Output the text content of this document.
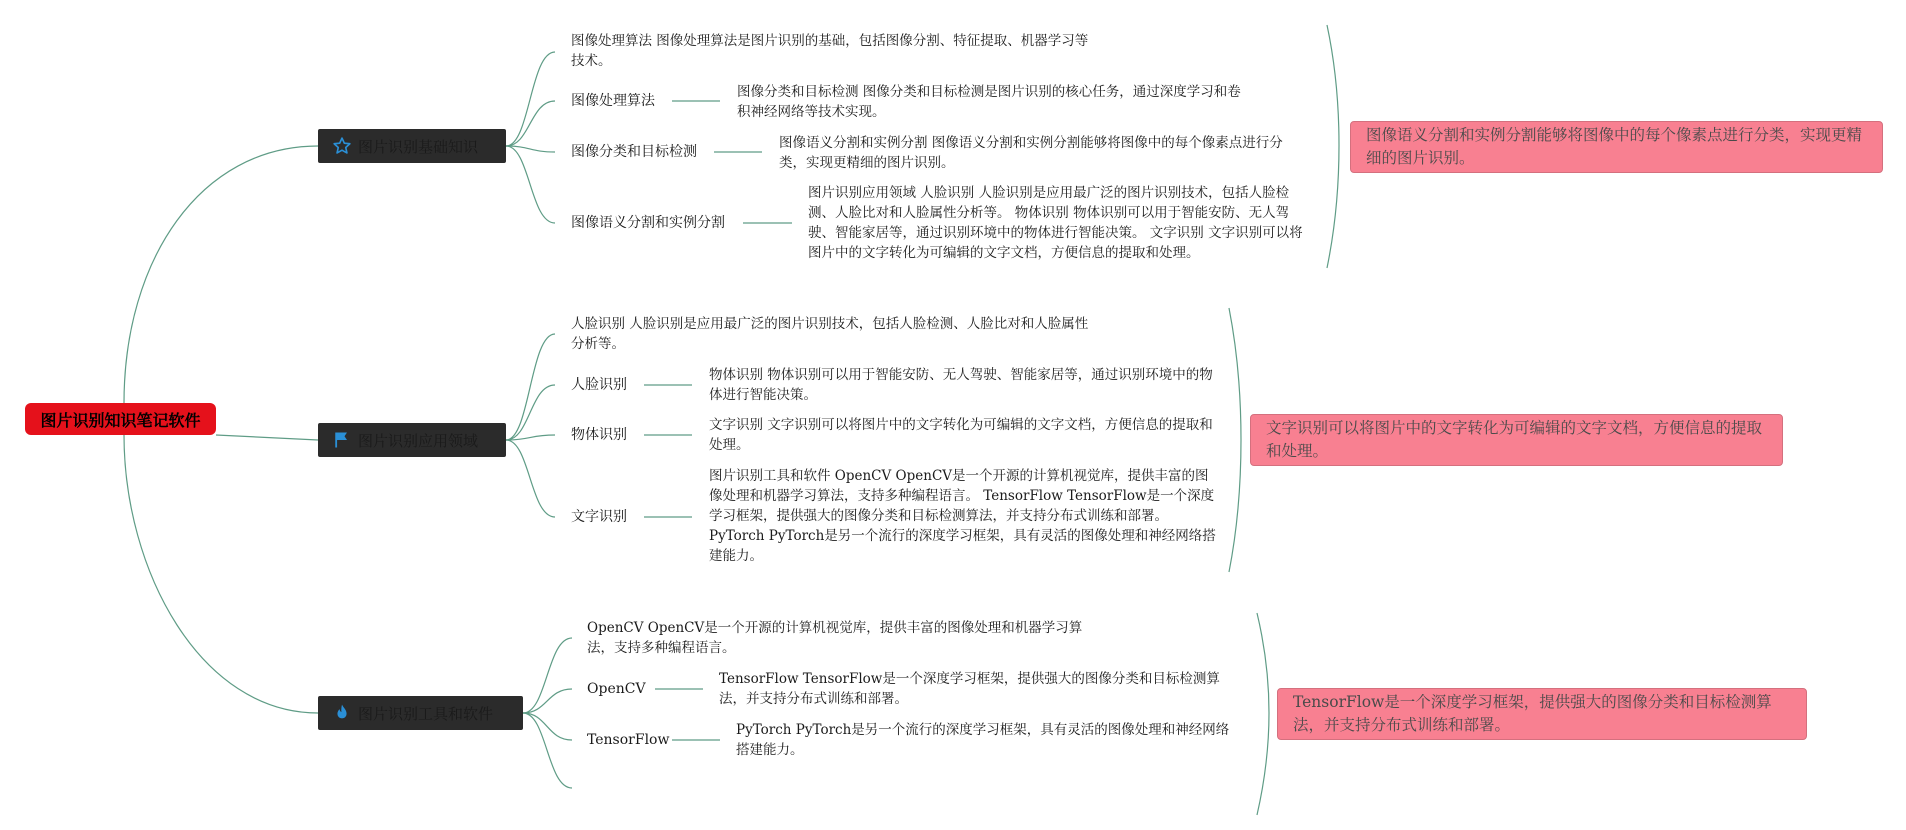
图片识别知识笔记软件
图片识别基础知识
图像处理算法 图像处理算法是图片识别的基础，包括图像分割、特征提取、机器学习等技术。
图像处理算法
图像分类和目标检测 图像分类和目标检测是图片识别的核心任务，通过深度学习和卷积神经网络等技术实现。
图像分类和目标检测
图像语义分割和实例分割 图像语义分割和实例分割能够将图像中的每个像素点进行分类，实现更精细的图片识别。
图像语义分割和实例分割
图片识别应用领域 人脸识别 人脸识别是应用最广泛的图片识别技术，包括人脸检测、人脸比对和人脸属性分析等。 物体识别 物体识别可以用于智能安防、无人驾驶、智能家居等，通过识别环境中的物体进行智能决策。 文字识别 文字识别可以将图片中的文字转化为可编辑的文字文档，方便信息的提取和处理。
图像语义分割和实例分割能够将图像中的每个像素点进行分类，实现更精细的图片识别。
图片识别应用领域
人脸识别 人脸识别是应用最广泛的图片识别技术，包括人脸检测、人脸比对和人脸属性分析等。
人脸识别
物体识别 物体识别可以用于智能安防、无人驾驶、智能家居等，通过识别环境中的物体进行智能决策。
物体识别
文字识别 文字识别可以将图片中的文字转化为可编辑的文字文档，方便信息的提取和处理。
文字识别
图片识别工具和软件 OpenCV OpenCV是一个开源的计算机视觉库，提供丰富的图像处理和机器学习算法，支持多种编程语言。 TensorFlow TensorFlow是一个深度学习框架，提供强大的图像分类和目标检测算法，并支持分布式训练和部署。 PyTorch PyTorch是另一个流行的深度学习框架，具有灵活的图像处理和神经网络搭建能力。
文字识别可以将图片中的文字转化为可编辑的文字文档，方便信息的提取和处理。
图片识别工具和软件
OpenCV OpenCV是一个开源的计算机视觉库，提供丰富的图像处理和机器学习算法，支持多种编程语言。
OpenCV
TensorFlow TensorFlow是一个深度学习框架，提供强大的图像分类和目标检测算法，并支持分布式训练和部署。
TensorFlow
PyTorch PyTorch是另一个流行的深度学习框架，具有灵活的图像处理和神经网络搭建能力。
TensorFlow是一个深度学习框架，提供强大的图像分类和目标检测算法，并支持分布式训练和部署。
